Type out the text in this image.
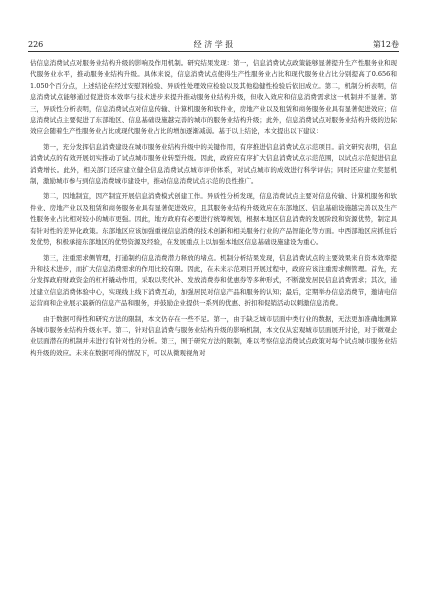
226	经 济 学 报	第12卷

估信息消费试点对服务业结构升级的影响及作用机制。研究结果发现：第一，信息消费试点政策能够显著提升生产性服务业和现代服务业水平，推动服务业结构升级。具体来说，信息消费试点使得生产性服务业占比和现代服务业占比分别提高了0.656和1.050个百分点，上述结论在经过安慰剂检验、异质性处理效应检验以及其他稳健性检验后依旧成立。第二，机制分析表明，信息消费试点能够通过促进资本效率与技术进步来提升推动服务业结构升级，但收入效应和信息消费需求这一机制并不显著。第三，异质性分析表明，信息消费试点对信息传输、计算机服务和软件业，房地产业以及租赁和商务服务业具有显著促进效应；信息消费试点主要促进了东部地区、信息基础设施越完善的城市的服务业结构升级；此外，信息消费试点对服务业结构升级的边际效应会随着生产性服务业占比或现代服务业占比的增加逐渐减弱。基于以上结论，本文提出以下建议：

第一，充分发挥信息消费建设在城市服务业结构升级中的关键作用，有序推进信息消费试点示范项目。前文研究表明，信息消费试点的有效开展切实推动了试点城市服务业转型升级。因此，政府应有序扩大信息消费试点示范范围，以试点示范促进信息消费增长。此外，相关部门还应建立健全信息消费试点城市评价体系，对试点城市的成效进行科学评估；同时还应建立奖惩机制，激励城市参与到信息消费城市建设中，推动信息消费试点示范的良性推广。

第二，因地制宜，因产制宜开展信息消费模式创建工作。异质性分析发现，信息消费试点主要对信息传输、计算机服务和软件业、房地产业以及租赁和商务服务业具有显著促进效应，且其服务业结构升级效应在东部地区、信息基础设施越完善以及生产性服务业占比相对较小的城市更强。因此，地方政府有必要进行统筹规划，根据本地区信息消费的发展阶段和资源优势，制定具有针对性的差异化政策。东部地区应该加强重视信息消费的技术创新和相关服务行业的产品智能化等方面。中西部地区应抓住后发优势，积极承接东部地区的优势资源及经验，在发展重点上以加强本地区信息基础设施建设为重心。

第三，注重需求侧管理，打通制约信息消费潜力释放的堵点。机制分析结果发现，信息消费试点的主要效果来自资本效率提升和技术进步，而扩大信息消费需求的作用比较有限。因此，在未来示范项目开展过程中，政府应该注重需求侧管理。首先，充分发挥政府财政资金的杠杆撬动作用，采取以奖代补、发放消费券和优惠券等多种形式，不断激发居民信息消费需求；其次，通过建立信息消费体验中心，实现线上线下消费互动，加强居民对信息产品和服务的认知；最后，定期举办信息消费节，邀请电信运营商和企业展示最新的信息产品和服务，并鼓励企业提供一系列的优惠、折扣和促销活动以刺激信息消费。

由于数据可得性和研究方法的限制，本文仍存在一些不足。第一，由于缺乏城市层面中类行业的数据，无法更加准确地测算各城市服务业结构升级水平。第二，针对信息消费与服务业结构升级的影响机制，本文仅从宏观城市层面展开讨论，对于微观企业层面潜在的机制并未进行有针对性的分析。第三，囿于研究方法的限制，难以考察信息消费试点政策对每个试点城市服务业结构升级的效应。未来在数据可得的情况下，可以从微观视角对
